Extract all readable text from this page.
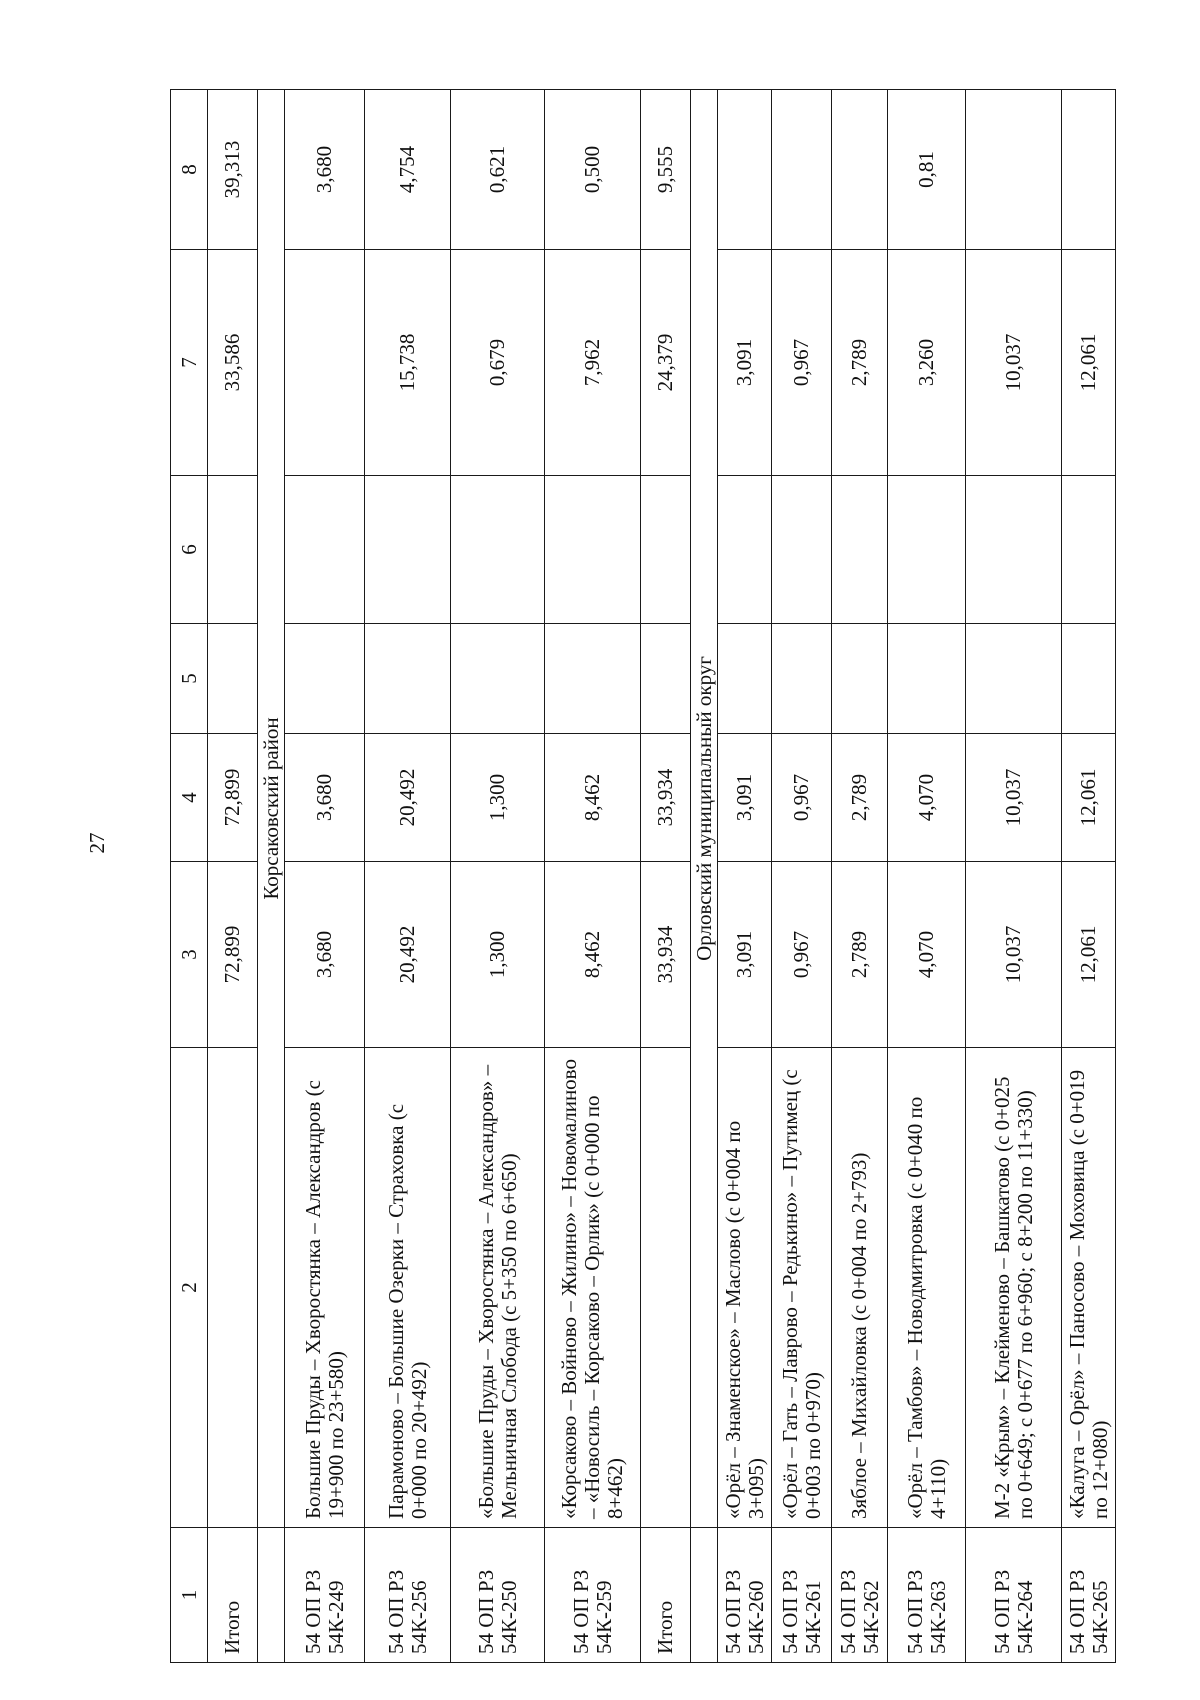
27
1	2	3	4	5	6	7	8
Итого		72,899	72,899			33,586	39,313
	Корсаковский район						
54 ОП РЗ 54К-249	Большие Пруды – Хворостянка – Александров (с 19+900 по 23+580)	3,680	3,680				3,680
54 ОП РЗ 54К-256	Парамоново – Большие Озерки – Страховка (с 0+000 по 20+492)	20,492	20,492			15,738	4,754
54 ОП РЗ 54К-250	«Большие Пруды – Хворостянка – Александров» – Мельничная Слобода (с 5+350 по 6+650)	1,300	1,300			0,679	0,621
54 ОП РЗ 54К-259	«Корсаково – Войново – Жилино» – Новомалиново – «Новосиль – Корсаково – Орлик» (с 0+000 по 8+462)	8,462	8,462			7,962	0,500
Итого		33,934	33,934			24,379	9,555
	Орловский муниципальный округ						
54 ОП РЗ 54К-260	«Орёл – Знаменское» – Маслово (с 0+004 по 3+095)	3,091	3,091			3,091	
54 ОП РЗ 54К-261	«Орёл – Гать – Лаврово – Редькино» – Путимец (с 0+003 по 0+970)	0,967	0,967			0,967	
54 ОП РЗ 54К-262	Зяблое – Михайловка (с 0+004 по 2+793)	2,789	2,789			2,789	
54 ОП РЗ 54К-263	«Орёл – Тамбов» – Новодмитровка (с 0+040 по 4+110)	4,070	4,070			3,260	0,81
54 ОП РЗ 54К-264	М-2 «Крым» – Клейменово – Башкатово (с 0+025 по 0+649; с 0+677 по 6+960; с 8+200 по 11+330)	10,037	10,037			10,037	
54 ОП РЗ 54К-265	«Калуга – Орёл» – Паносово – Моховица (с 0+019 по 12+080)	12,061	12,061			12,061	
